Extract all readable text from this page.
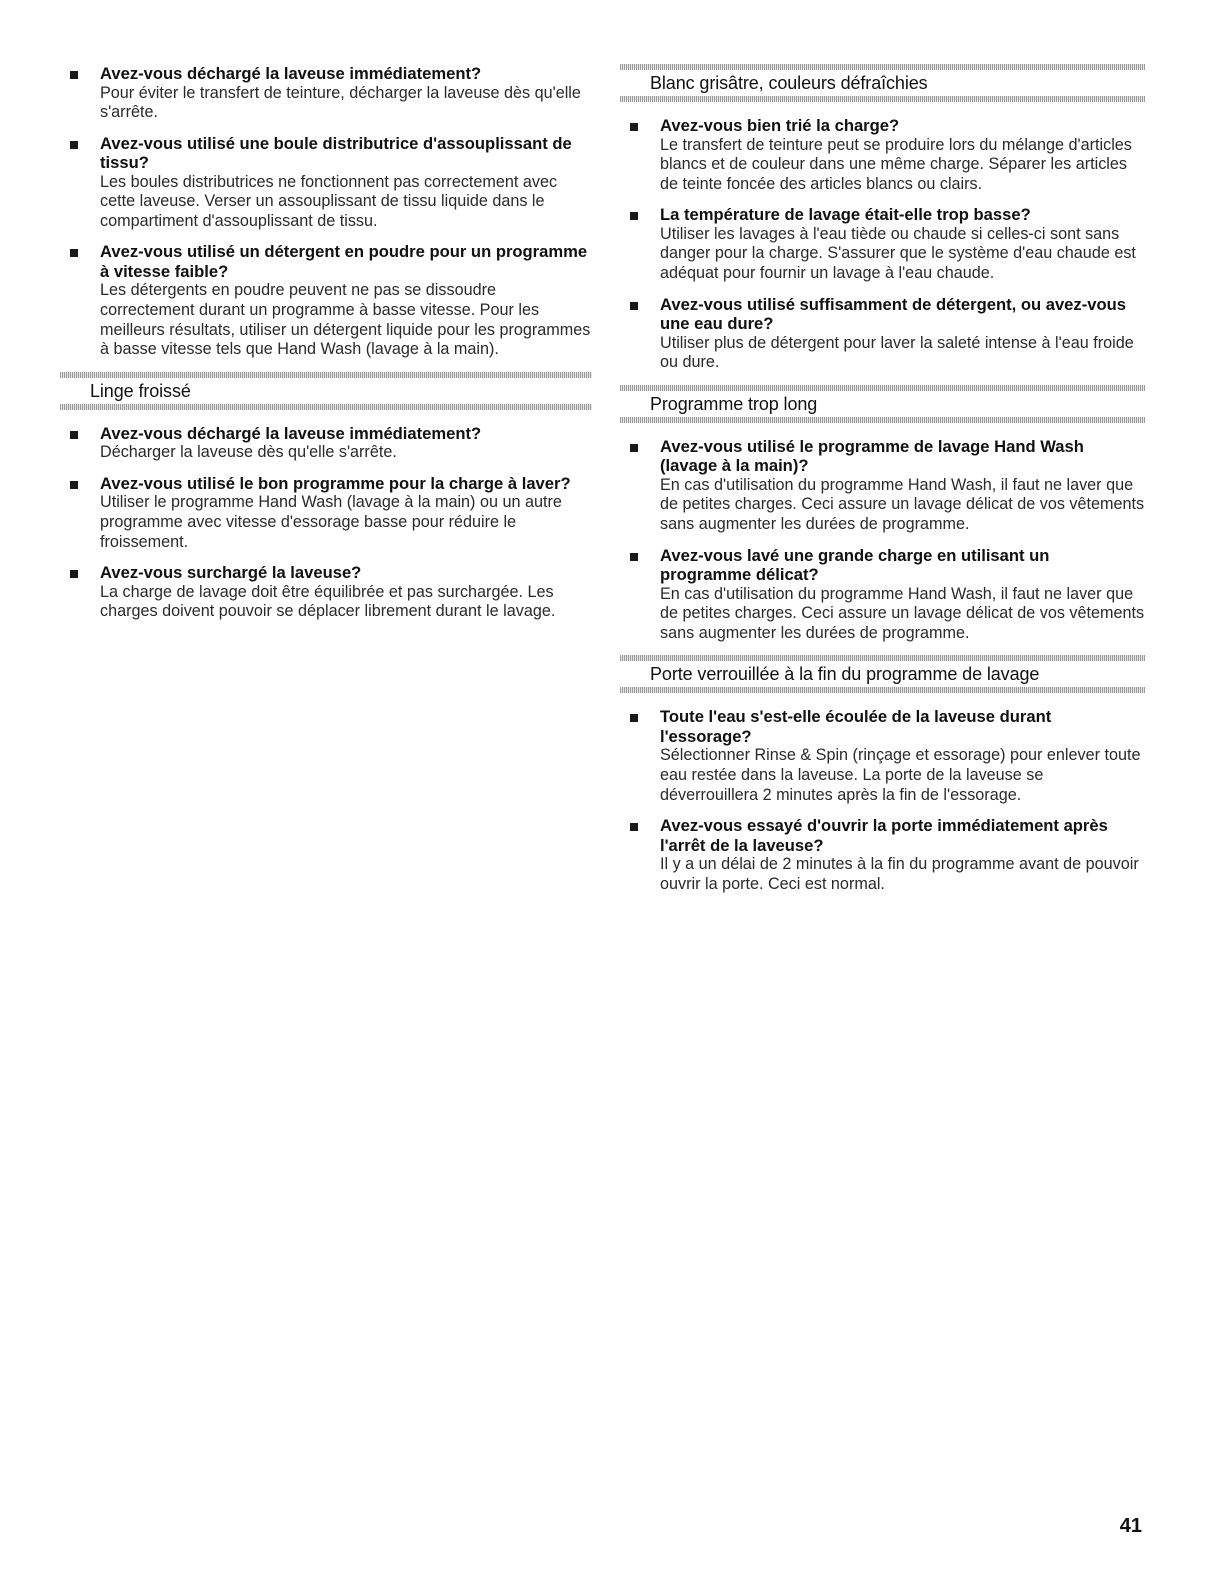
Avez-vous déchargé la laveuse immédiatement?
Pour éviter le transfert de teinture, décharger la laveuse dès qu'elle s'arrête.
Avez-vous utilisé une boule distributrice d'assouplissant de tissu?
Les boules distributrices ne fonctionnent pas correctement avec cette laveuse. Verser un assouplissant de tissu liquide dans le compartiment d'assouplissant de tissu.
Avez-vous utilisé un détergent en poudre pour un programme à vitesse faible?
Les détergents en poudre peuvent ne pas se dissoudre correctement durant un programme à basse vitesse. Pour les meilleurs résultats, utiliser un détergent liquide pour les programmes à basse vitesse tels que Hand Wash (lavage à la main).
Linge froissé
Avez-vous déchargé la laveuse immédiatement?
Décharger la laveuse dès qu'elle s'arrête.
Avez-vous utilisé le bon programme pour la charge à laver?
Utiliser le programme Hand Wash (lavage à la main) ou un autre programme avec vitesse d'essorage basse pour réduire le froissement.
Avez-vous surchargé la laveuse?
La charge de lavage doit être équilibrée et pas surchargée. Les charges doivent pouvoir se déplacer librement durant le lavage.
Blanc grisâtre, couleurs défraîchies
Avez-vous bien trié la charge?
Le transfert de teinture peut se produire lors du mélange d'articles blancs et de couleur dans une même charge. Séparer les articles de teinte foncée des articles blancs ou clairs.
La température de lavage était-elle trop basse?
Utiliser les lavages à l'eau tiède ou chaude si celles-ci sont sans danger pour la charge. S'assurer que le système d'eau chaude est adéquat pour fournir un lavage à l'eau chaude.
Avez-vous utilisé suffisamment de détergent, ou avez-vous une eau dure?
Utiliser plus de détergent pour laver la saleté intense à l'eau froide ou dure.
Programme trop long
Avez-vous utilisé le programme de lavage Hand Wash (lavage à la main)?
En cas d'utilisation du programme Hand Wash, il faut ne laver que de petites charges. Ceci assure un lavage délicat de vos vêtements sans augmenter les durées de programme.
Avez-vous lavé une grande charge en utilisant un programme délicat?
En cas d'utilisation du programme Hand Wash, il faut ne laver que de petites charges. Ceci assure un lavage délicat de vos vêtements sans augmenter les durées de programme.
Porte verrouillée à la fin du programme de lavage
Toute l'eau s'est-elle écoulée de la laveuse durant l'essorage?
Sélectionner Rinse & Spin (rinçage et essorage) pour enlever toute eau restée dans la laveuse. La porte de la laveuse se déverrouillera 2 minutes après la fin de l'essorage.
Avez-vous essayé d'ouvrir la porte immédiatement après l'arrêt de la laveuse?
Il y a un délai de 2 minutes à la fin du programme avant de pouvoir ouvrir la porte. Ceci est normal.
41
